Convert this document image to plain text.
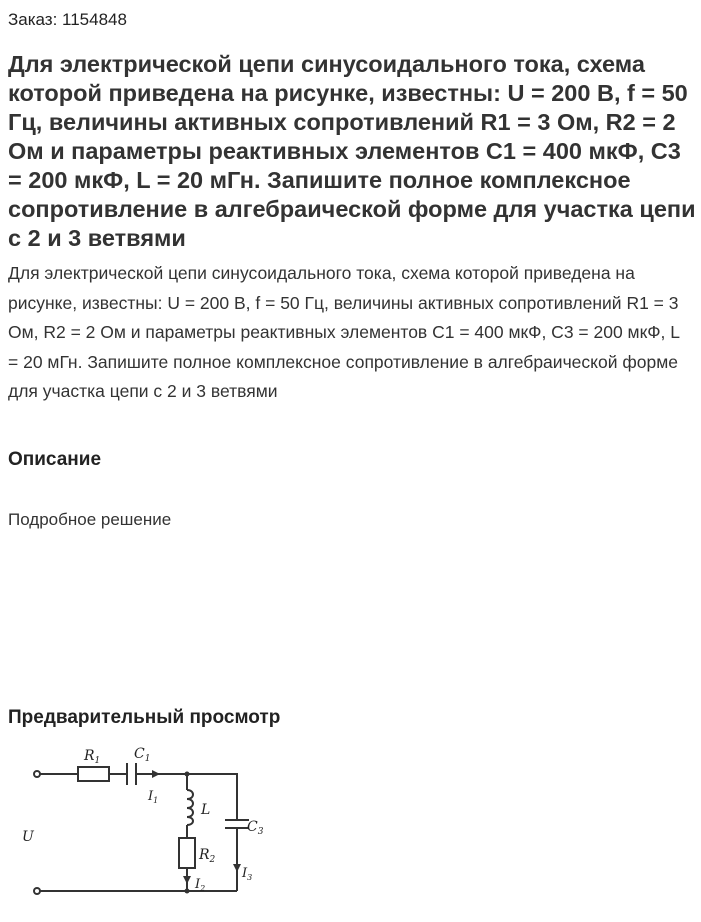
Заказ: 1154848
Для электрической цепи синусоидального тока, схема которой приведена на рисунке, известны: U = 200 В, f = 50 Гц, величины активных сопротивлений R1 = 3 Ом, R2 = 2 Ом и параметры реактивных элементов C1 = 400 мкФ, C3 = 200 мкФ, L = 20 мГн. Запишите полное комплексное сопротивление в алгебраической форме для участка цепи с 2 и 3 ветвями

Для электрической цепи синусоидального тока, схема которой приведена на рисунке, известны: U = 200 В, f = 50 Гц, величины активных сопротивлений R1 = 3 Ом, R2 = 2 Ом и параметры реактивных элементов C1 = 400 мкФ, C3 = 200 мкФ, L = 20 мГн. Запишите полное комплексное сопротивление в алгебраической форме для участка цепи с 2 и 3 ветвями

Описание

Подробное решение

Предварительный просмотр
$R_1$ $C_1$
$I_1$
L
$R_2$
$I_2$
$C_3$
$I_3$
U
